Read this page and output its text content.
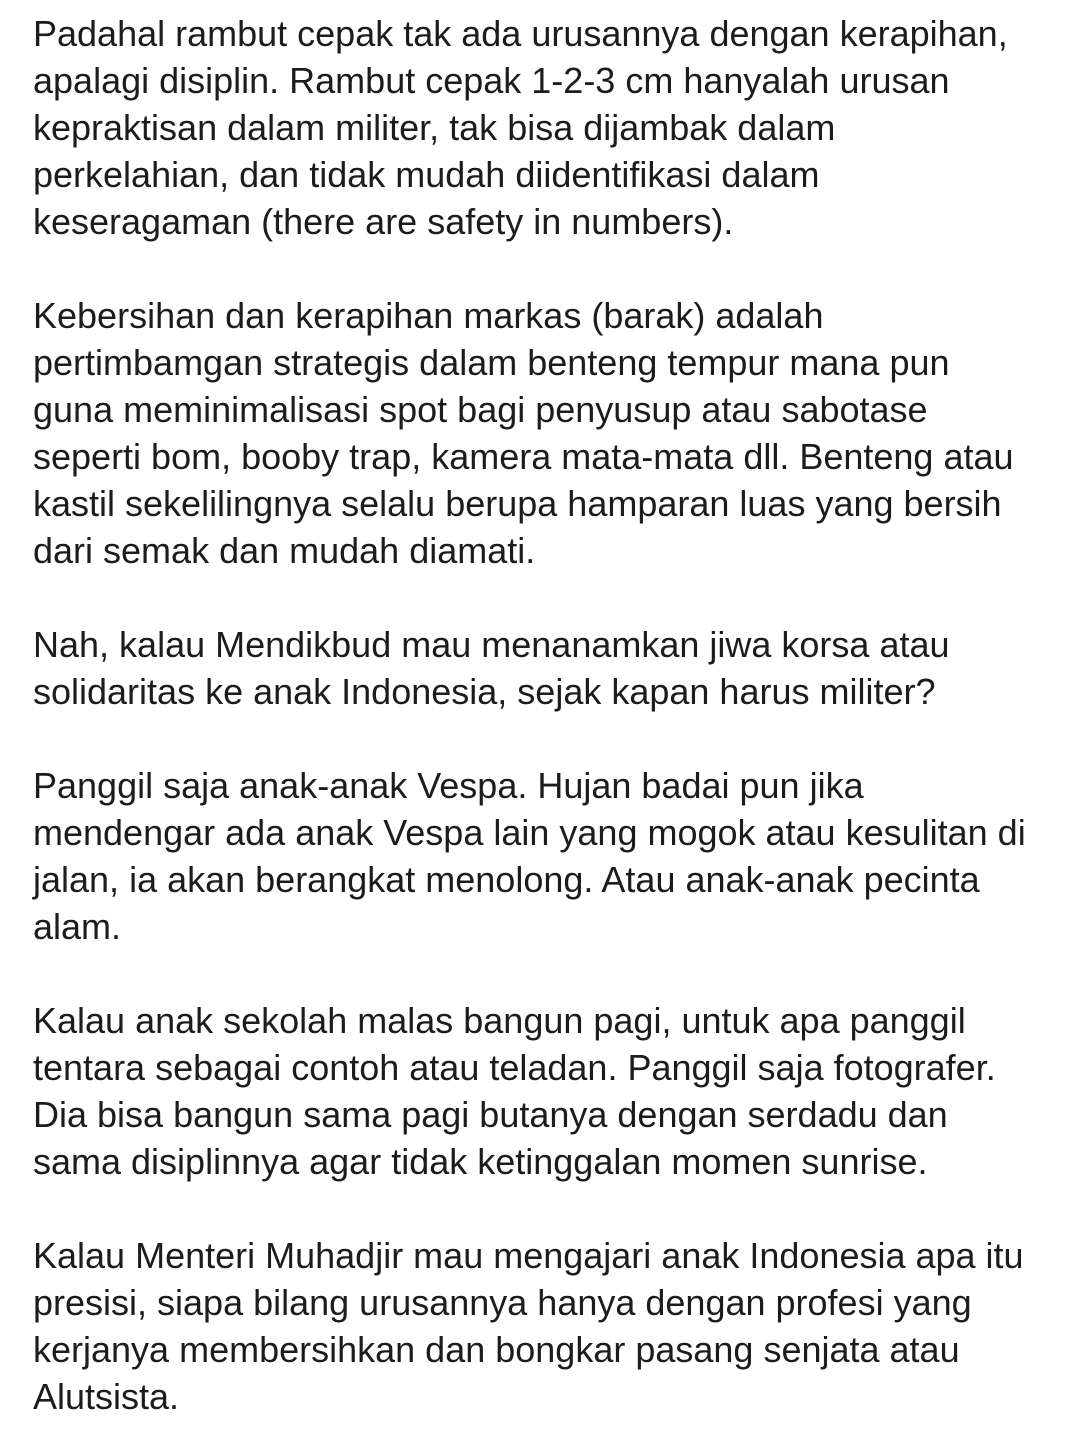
Padahal rambut cepak tak ada urusannya dengan kerapihan,
apalagi disiplin. Rambut cepak 1-2-3 cm hanyalah urusan
kepraktisan dalam militer, tak bisa dijambak dalam
perkelahian, dan tidak mudah diidentifikasi dalam
keseragaman (there are safety in numbers).

Kebersihan dan kerapihan markas (barak) adalah
pertimbamgan strategis dalam benteng tempur mana pun
guna meminimalisasi spot bagi penyusup atau sabotase
seperti bom, booby trap, kamera mata-mata dll. Benteng atau
kastil sekelilingnya selalu berupa hamparan luas yang bersih
dari semak dan mudah diamati.

Nah, kalau Mendikbud mau menanamkan jiwa korsa atau
solidaritas ke anak Indonesia, sejak kapan harus militer?

Panggil saja anak-anak Vespa. Hujan badai pun jika
mendengar ada anak Vespa lain yang mogok atau kesulitan di
jalan, ia akan berangkat menolong. Atau anak-anak pecinta
alam.

Kalau anak sekolah malas bangun pagi, untuk apa panggil
tentara sebagai contoh atau teladan. Panggil saja fotografer.
Dia bisa bangun sama pagi butanya dengan serdadu dan
sama disiplinnya agar tidak ketinggalan momen sunrise.

Kalau Menteri Muhadjir mau mengajari anak Indonesia apa itu
presisi, siapa bilang urusannya hanya dengan profesi yang
kerjanya membersihkan dan bongkar pasang senjata atau
Alutsista.
